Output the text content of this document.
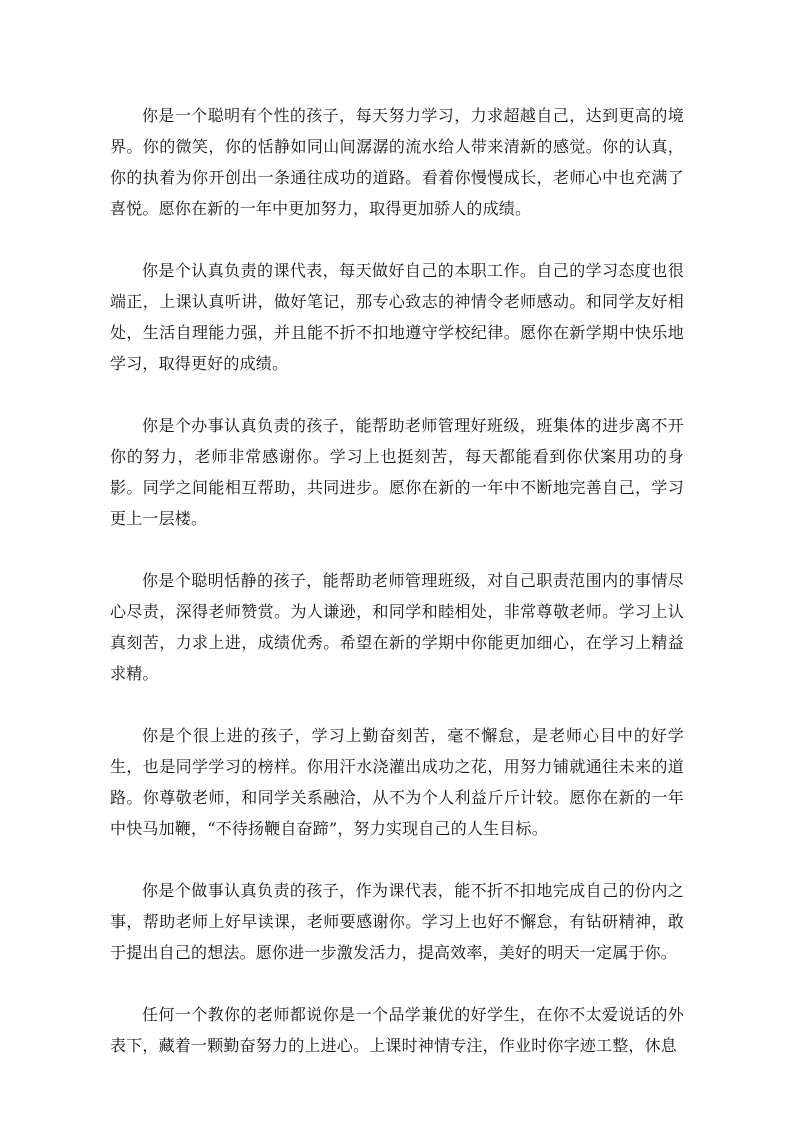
你是一个聪明有个性的孩子，每天努力学习，力求超越自己，达到更高的境界。你的微笑，你的恬静如同山间潺潺的流水给人带来清新的感觉。你的认真，你的执着为你开创出一条通往成功的道路。看着你慢慢成长，老师心中也充满了喜悦。愿你在新的一年中更加努力，取得更加骄人的成绩。

你是个认真负责的课代表，每天做好自己的本职工作。自己的学习态度也很端正，上课认真听讲，做好笔记，那专心致志的神情令老师感动。和同学友好相处，生活自理能力强，并且能不折不扣地遵守学校纪律。愿你在新学期中快乐地学习，取得更好的成绩。

你是个办事认真负责的孩子，能帮助老师管理好班级，班集体的进步离不开你的努力，老师非常感谢你。学习上也挺刻苦，每天都能看到你伏案用功的身影。同学之间能相互帮助，共同进步。愿你在新的一年中不断地完善自己，学习更上一层楼。

你是个聪明恬静的孩子，能帮助老师管理班级，对自己职责范围内的事情尽心尽责，深得老师赞赏。为人谦逊，和同学和睦相处，非常尊敬老师。学习上认真刻苦，力求上进，成绩优秀。希望在新的学期中你能更加细心，在学习上精益求精。

你是个很上进的孩子，学习上勤奋刻苦，毫不懈怠，是老师心目中的好学生，也是同学学习的榜样。你用汗水浇灌出成功之花，用努力铺就通往未来的道路。你尊敬老师，和同学关系融洽，从不为个人利益斤斤计较。愿你在新的一年中快马加鞭，“不待扬鞭自奋蹄”，努力实现自己的人生目标。

你是个做事认真负责的孩子，作为课代表，能不折不扣地完成自己的份内之事，帮助老师上好早读课，老师要感谢你。学习上也好不懈怠，有钻研精神，敢于提出自己的想法。愿你进一步激发活力，提高效率，美好的明天一定属于你。

任何一个教你的老师都说你是一个品学兼优的好学生，在你不太爱说话的外表下，藏着一颗勤奋努力的上进心。上课时神情专注，作业时你字迹工整，休息
